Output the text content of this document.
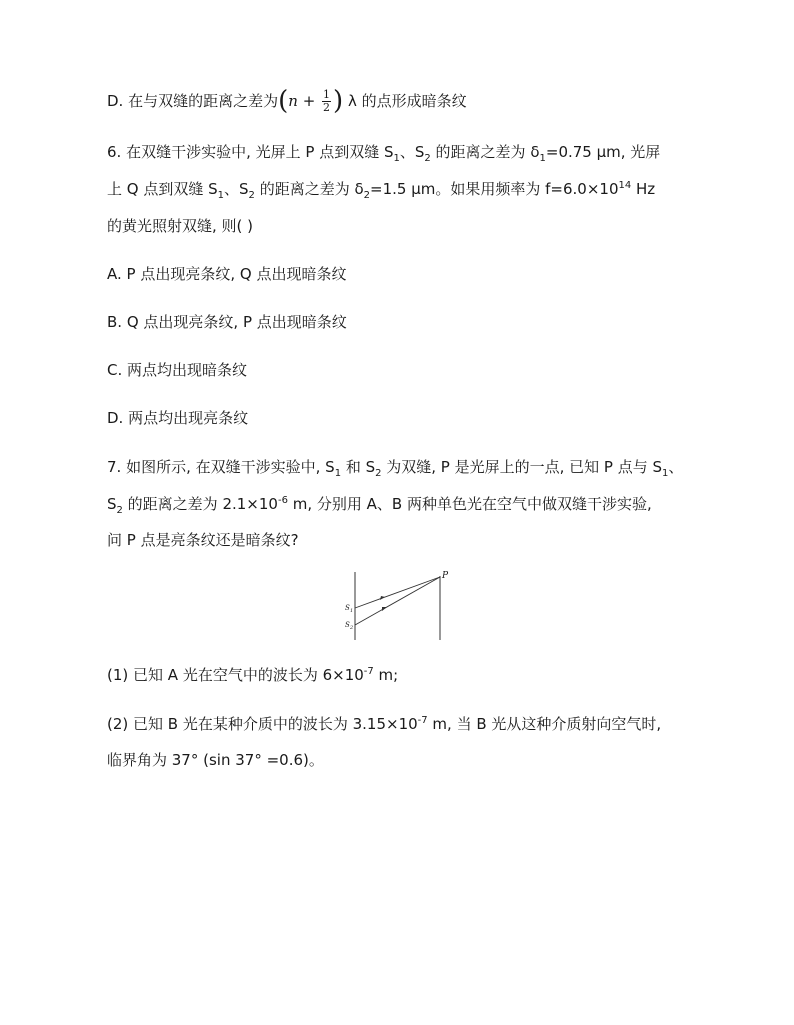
D. 在与双缝的距离之差为($n + \frac{1}{2}$ ) λ 的点形成暗条纹
6. 在双缝干涉实验中, 光屏上 P 点到双缝 $S_1$、$S_2$ 的距离之差为 $\delta_1=0.75$ μm, 光屏
上 Q 点到双缝 $S_1$、$S_2$ 的距离之差为 $\delta_2=1.5$ μm。如果用频率为 $f=6.0\times 10^{14}$ Hz
的黄光照射双缝, 则( )
A. P 点出现亮条纹, Q 点出现暗条纹
B. Q 点出现亮条纹, P 点出现暗条纹
C. 两点均出现暗条纹
D. 两点均出现亮条纹
7. 如图所示, 在双缝干涉实验中, $S_1$ 和 $S_2$ 为双缝, P 是光屏上的一点, 已知 P 点与 $S_1$、
$S_2$ 的距离之差为 $2.1\times 10^{-6}$ m, 分别用 A、B 两种单色光在空气中做双缝干涉实验,
问 P 点是亮条纹还是暗条纹?
P
S 1
S 2
(1) 已知 A 光在空气中的波长为 $6\times 10^{-7}$ m;
(2) 已知 B 光在某种介质中的波长为 $3.15\times 10^{-7}$ m, 当 B 光从这种介质射向空气时,
临界角为 37° (sin 37° =0.6)。
